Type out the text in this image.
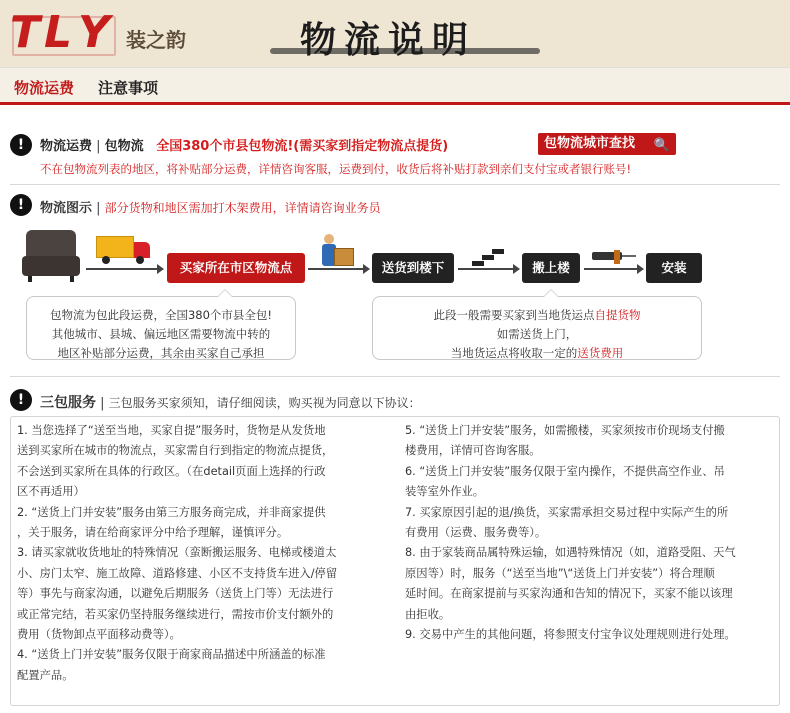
T L Y 装之韵	物流说明
物流运费 注意事项
!	物流运费 | 包物流 全国380个市县包物流!(需买家到指定物流点提货)	包物流城市查找 🔍
不在包物流列表的地区，将补贴部分运费，详情咨询客服，运费到付，收货后将补贴打款到亲们支付宝或者银行账号!
!	物流图示 | 部分货物和地区需加打木架费用，详情请咨询业务员
买家所在市区物流点	送货到楼下	搬上楼	安装
包物流为包此段运费，全国380个市县全包!
其他城市、县城、偏远地区需要物流中转的
地区补贴部分运费，其余由买家自己承担
此段一般需要买家到当地货运点自提货物
如需送货上门，
当地货运点将收取一定的送货费用
!	三包服务 | 三包服务买家须知，请仔细阅读，购买视为同意以下协议：

1. 当您选择了“送至当地，买家自提”服务时，货物是从发货地

送到买家所在城市的物流点，买家需自行到指定的物流点提货，

不会送到买家所在具体的行政区。（在detail页面上选择的行政

区不再适用）

2. “送货上门并安装”服务由第三方服务商完成，并非商家提供

，关于服务，请在给商家评分中给予理解，谨慎评分。

3. 请买家就收货地址的特殊情况（蛮断搬运服务、电梯或楼道太

小、房门太窄、施工故障、道路修建、小区不支持货车进入/停留

等）事先与商家沟通，以避免后期服务（送货上门等）无法进行

或正常完结，若买家仍坚持服务继续进行，需按市价支付额外的

费用（货物卸点平面移动费等）。

4. “送货上门并安装”服务仅限于商家商品描述中所涵盖的标准

配置产品。

5. “送货上门并安装”服务，如需搬楼，买家须按市价现场支付搬

楼费用，详情可咨询客服。

6. “送货上门并安装”服务仅限于室内操作，不提供高空作业、吊

装等室外作业。

7. 买家原因引起的退/换货，买家需承担交易过程中实际产生的所

有费用（运费、服务费等）。

8. 由于家装商品属特殊运输，如遇特殊情况（如，道路受阻、天气

原因等）时，服务（“送至当地”\“送货上门并安装”）将合理顺

延时间。在商家提前与买家沟通和告知的情况下，买家不能以该理

由拒收。

9. 交易中产生的其他问题，将参照支付宝争议处理规则进行处理。
